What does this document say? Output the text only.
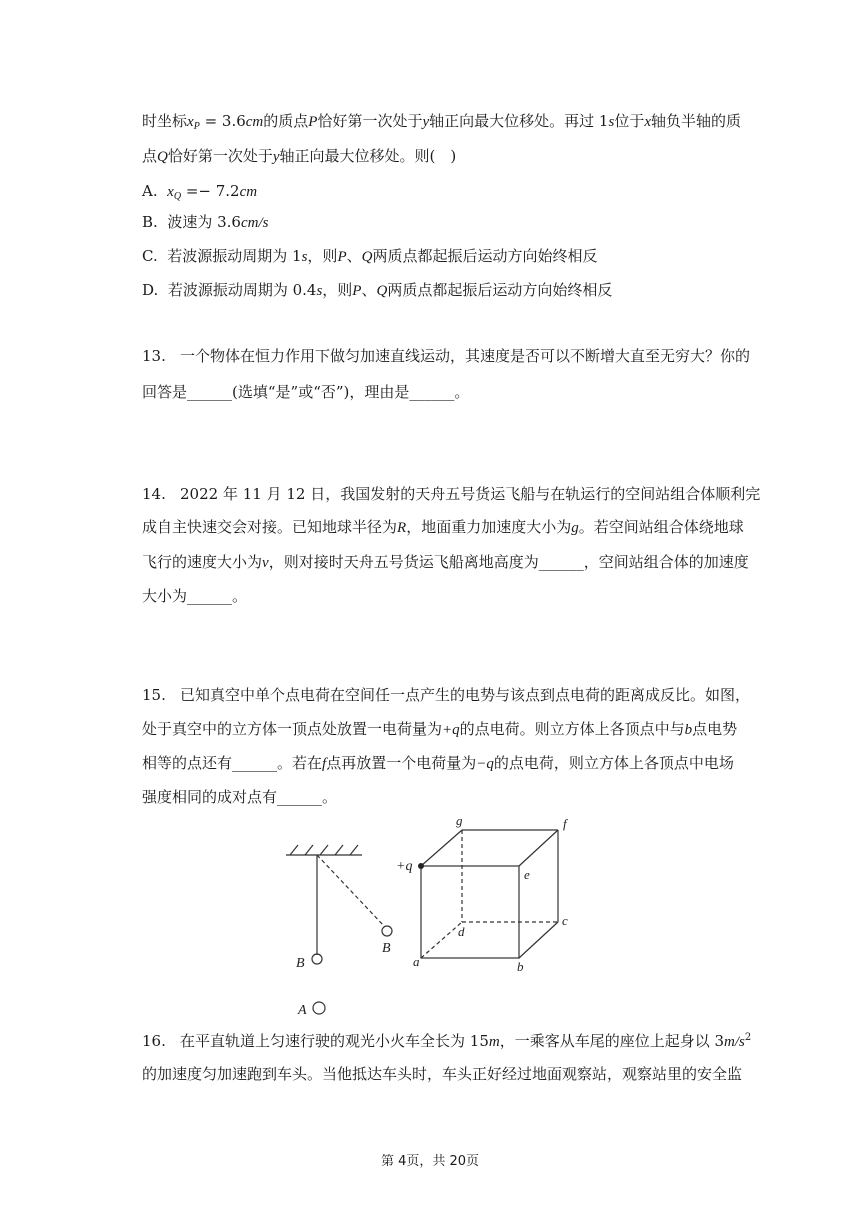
时坐标$x_P = 3.6cm$的质点P恰好第一次处于y轴正向最大位移处。再过 1s位于x轴负半轴的质
点Q恰好第一次处于y轴正向最大位移处。则(　)
A. $x_Q =- 7.2cm$
B. 波速为 3.6cm/s
C. 若波源振动周期为 1s，则P、Q两质点都起振后运动方向始终相反
D. 若波源振动周期为 0.4s，则P、Q两质点都起振后运动方向始终相反
13. 一个物体在恒力作用下做匀加速直线运动，其速度是否可以不断增大直至无穷大？你的
回答是______(选填“是”或“否”)，理由是______。
14. 2022 年 11 月 12 日，我国发射的天舟五号货运飞船与在轨运行的空间站组合体顺利完
成自主快速交会对接。已知地球半径为R，地面重力加速度大小为g。若空间站组合体绕地球
飞行的速度大小为v，则对接时天舟五号货运飞船离地高度为______，空间站组合体的加速度
大小为______。
15. 已知真空中单个点电荷在空间任一点产生的电势与该点到点电荷的距离成反比。如图，
处于真空中的立方体一顶点处放置一电荷量为+q的点电荷。则立方体上各顶点中与b点电势
相等的点还有______。若在f点再放置一个电荷量为−q的点电荷，则立方体上各顶点中电场
强度相同的成对点有______。
B
B
A
g	f
+q
e
c
d
a	b
16. 在平直轨道上匀速行驶的观光小火车全长为 15m，一乘客从车尾的座位上起身以 $3m/s^2$
的加速度匀加速跑到车头。当他抵达车头时，车头正好经过地面观察站，观察站里的安全监
第 4页，共 20页
